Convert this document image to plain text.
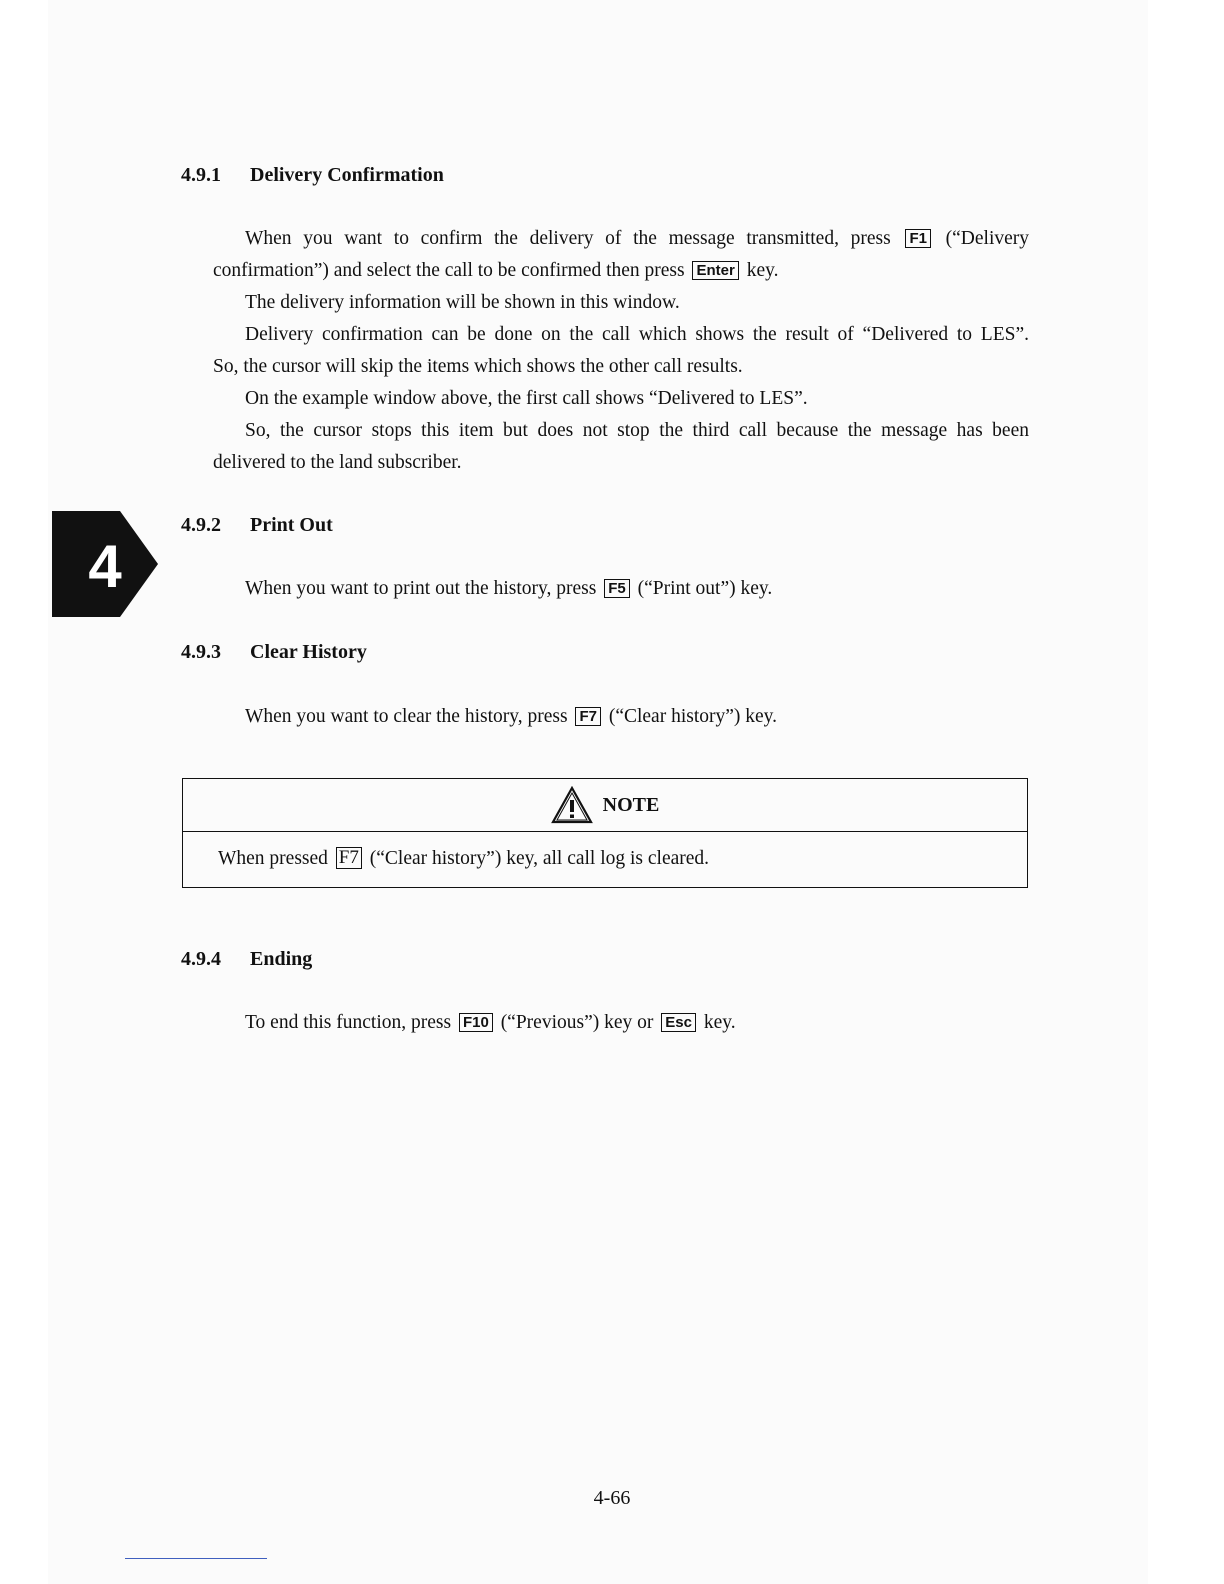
4
4.9.1 Delivery Confirmation
When you want to confirm the delivery of the message transmitted, press F1 (“Delivery
confirmation”) and select the call to be confirmed then press Enter key.
The delivery information will be shown in this window.
Delivery confirmation can be done on the call which shows the result of “Delivered to LES”.
So, the cursor will skip the items which shows the other call results.
On the example window above, the first call shows “Delivered to LES”.
So, the cursor stops this item but does not stop the third call because the message has been
delivered to the land subscriber.
4.9.2 Print Out
When you want to print out the history, press F5 (“Print out”) key.
4.9.3 Clear History
When you want to clear the history, press F7 (“Clear history”) key.
NOTE
When pressed F7 (“Clear history”) key, all call log is cleared.
4.9.4 Ending
To end this function, press F10 (“Previous”) key or Esc key.
4-66
